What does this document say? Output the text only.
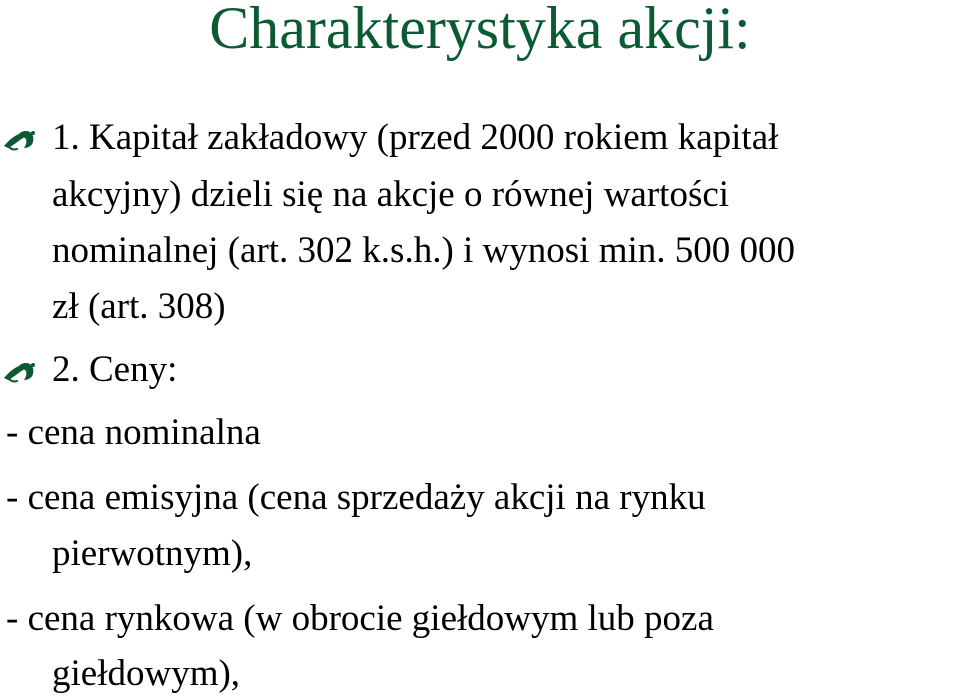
Charakterystyka akcji:
1. Kapitał zakładowy (przed 2000 rokiem kapitał
akcyjny) dzieli się na akcje o równej wartości
nominalnej (art. 302 k.s.h.) i wynosi min. 500 000
zł (art. 308)
2. Ceny:
- cena nominalna
- cena emisyjna (cena sprzedaży akcji na rynku
pierwotnym),
- cena rynkowa (w obrocie giełdowym lub poza
giełdowym),
